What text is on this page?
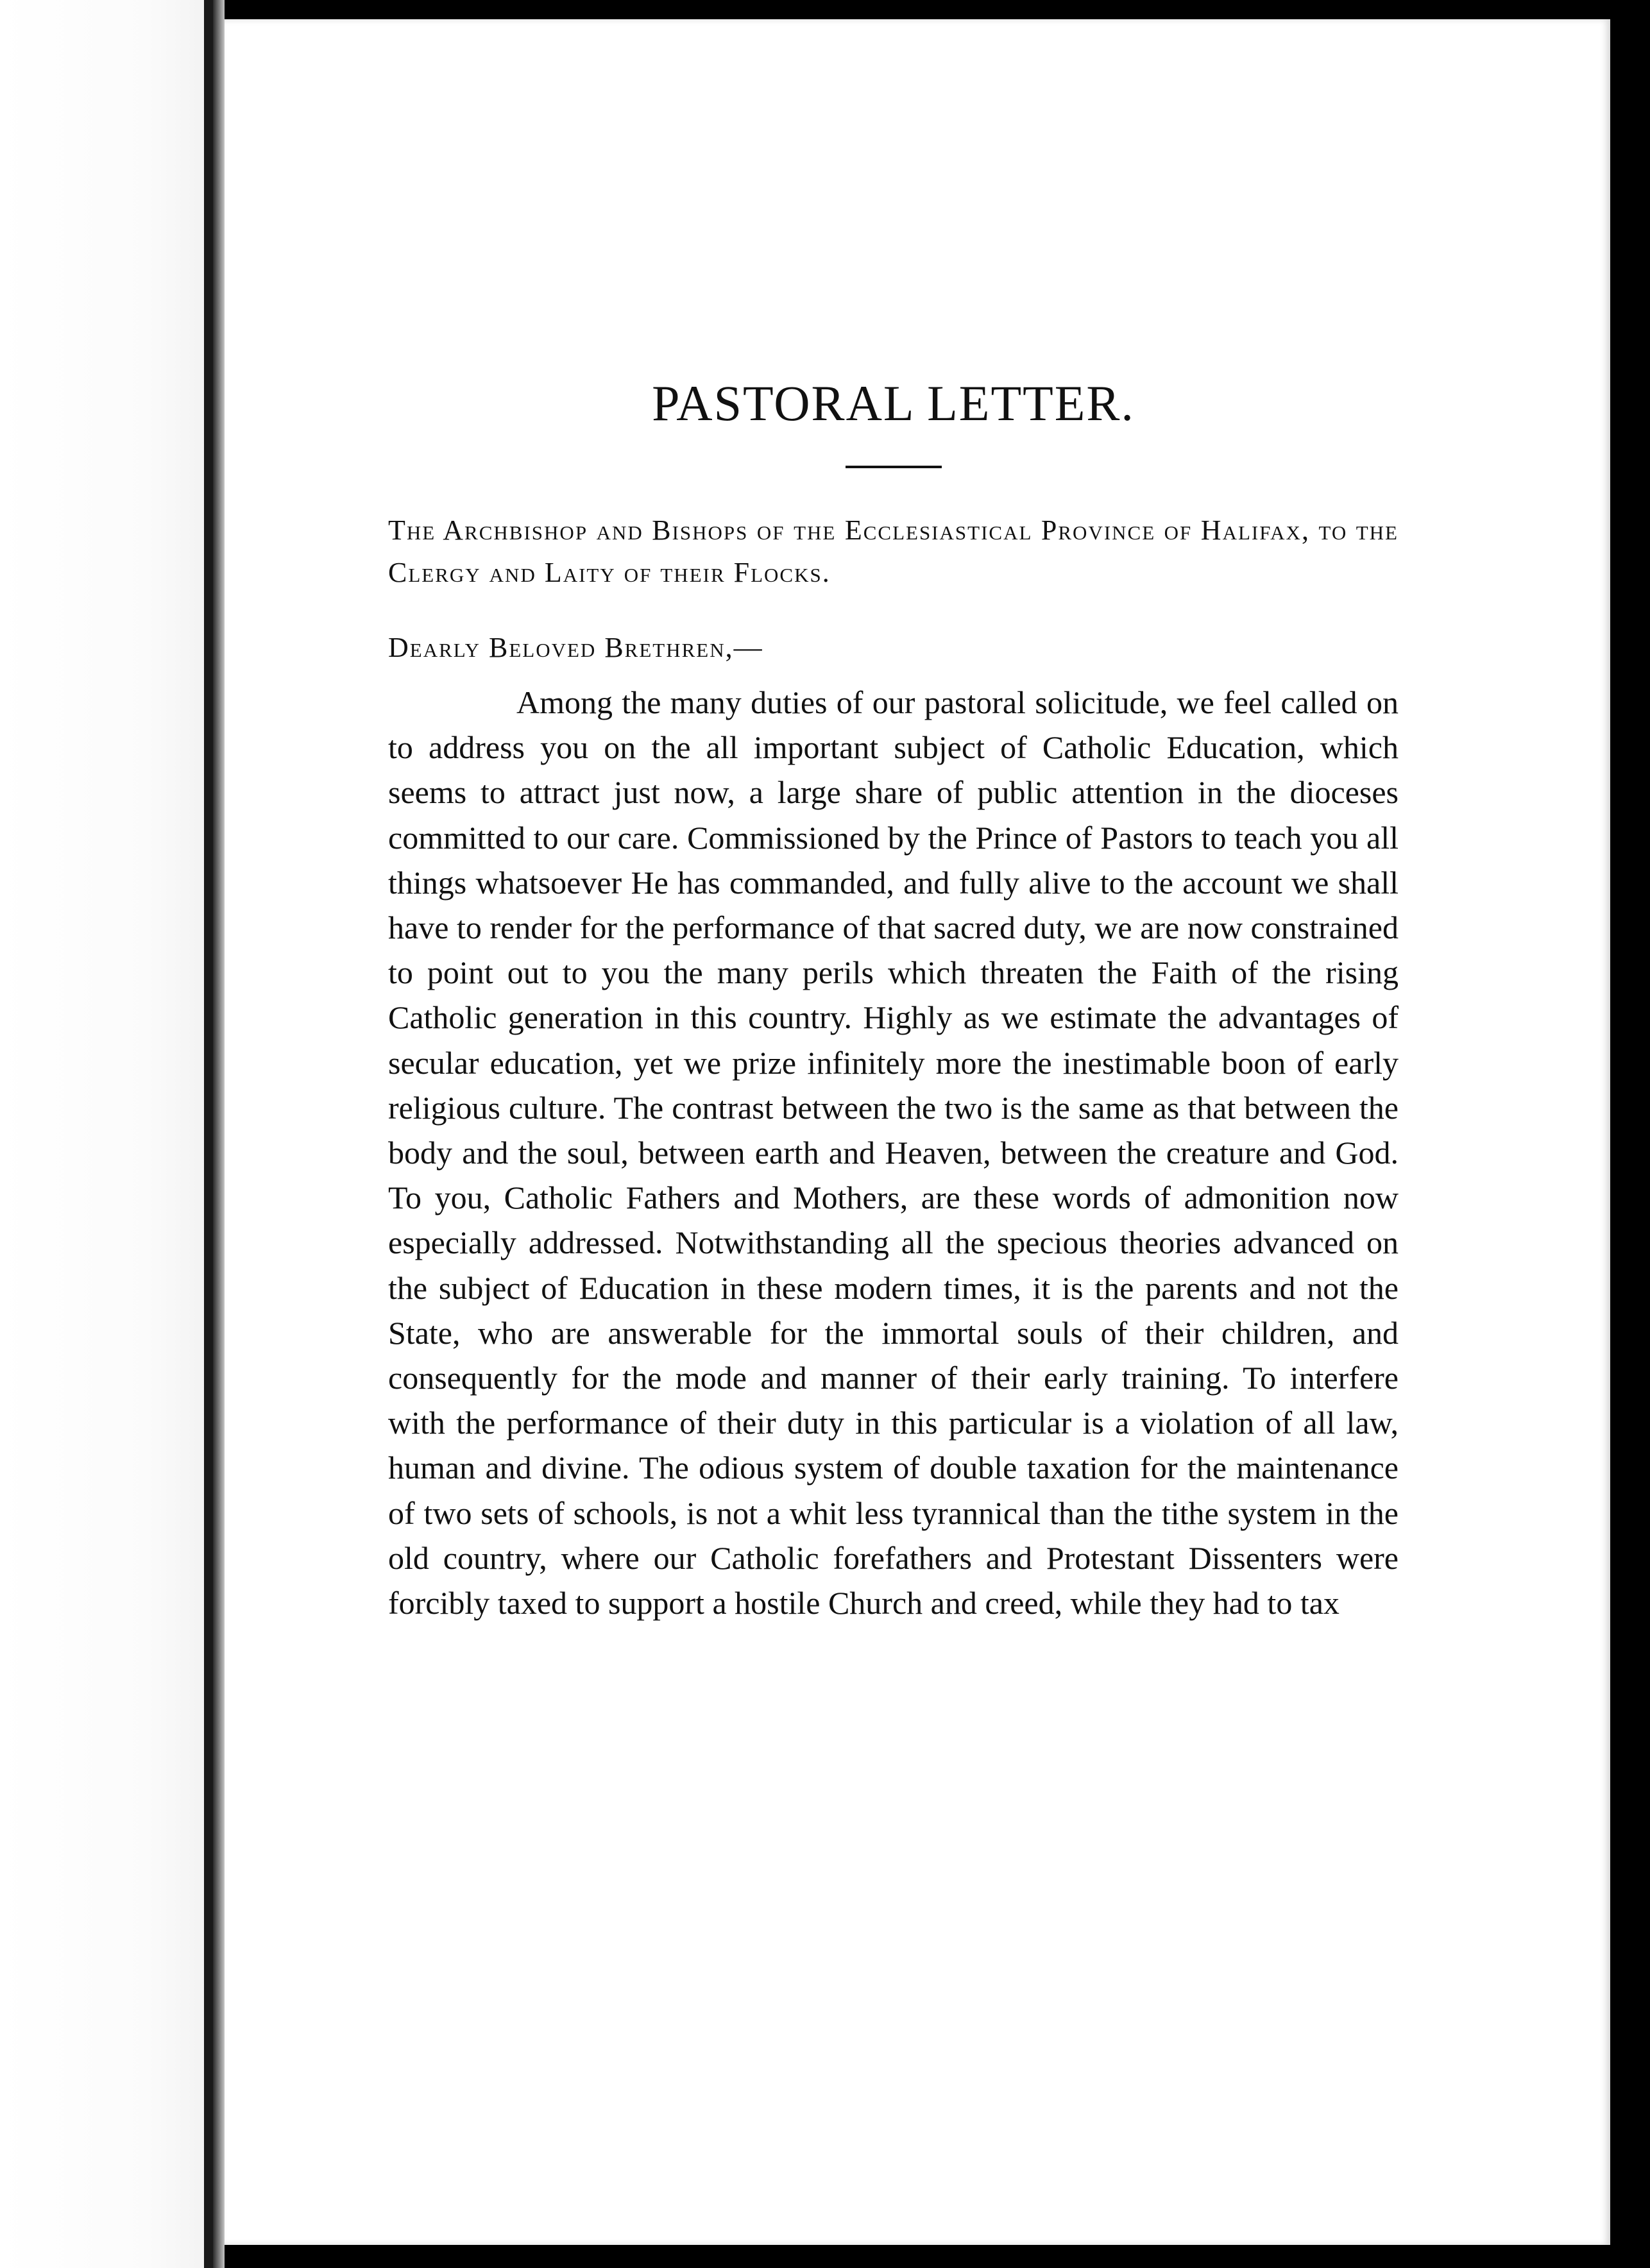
PASTORAL LETTER.

The Archbishop and Bishops of the Ecclesiastical Province of Halifax, to the Clergy and Laity of their Flocks.

Dearly Beloved Brethren,—

Among the many duties of our pastoral solicitude, we feel called on to address you on the all important subject of Catholic Education, which seems to attract just now, a large share of public attention in the dioceses committed to our care. Commissioned by the Prince of Pastors to teach you all things whatsoever He has commanded, and fully alive to the account we shall have to render for the performance of that sacred duty, we are now constrained to point out to you the many perils which threaten the Faith of the rising Catholic generation in this country. Highly as we estimate the advantages of secular education, yet we prize infinitely more the inestimable boon of early religious culture. The contrast between the two is the same as that between the body and the soul, between earth and Heaven, between the creature and God. To you, Catholic Fathers and Mothers, are these words of admonition now especially addressed. Notwithstanding all the specious theories advanced on the subject of Education in these modern times, it is the parents and not the State, who are answerable for the immortal souls of their children, and consequently for the mode and manner of their early training. To interfere with the performance of their duty in this particular is a violation of all law, human and divine. The odious system of double taxation for the maintenance of two sets of schools, is not a whit less tyrannical than the tithe system in the old country, where our Catholic forefathers and Protestant Dissenters were forcibly taxed to support a hostile Church and creed, while they had to tax
